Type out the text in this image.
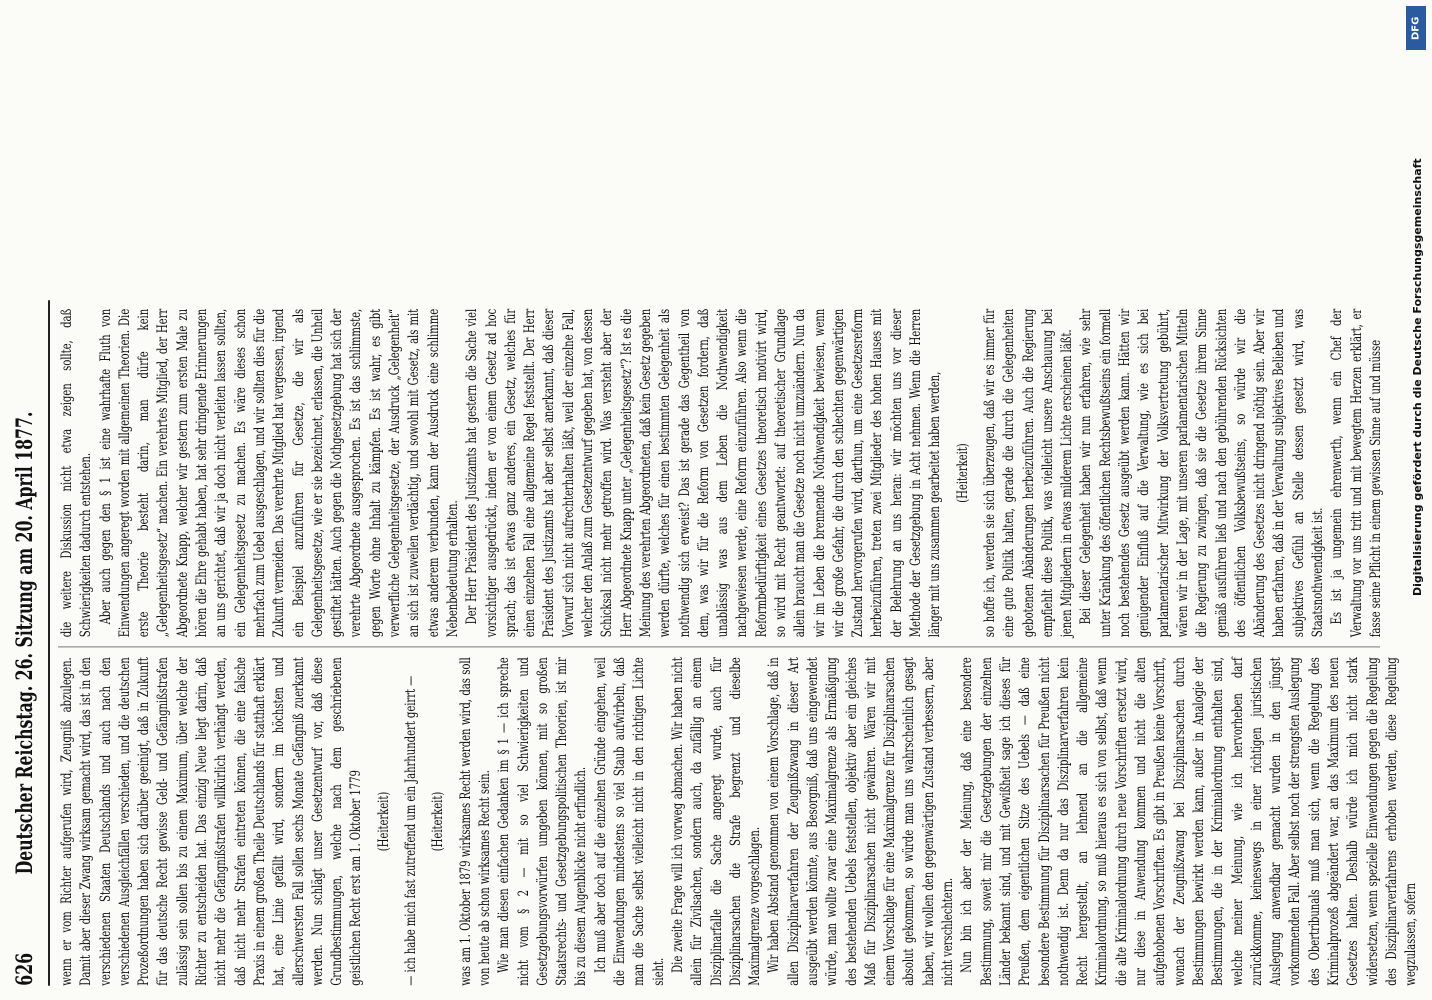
626
Deutscher Reichstag. 26. Sitzung am 20. April 1877. wenn er vom Richter aufgerufen wird, Zeugniß abzulegen. Damit aber dieser Zwang wirksam gemacht wird, das ist in den verschiedenen Staaten Deutschlands und auch nach den verschiedenen Ausgleichfällen verschieden, und die deutschen Prozeßordnungen haben sich darüber geeinigt, daß in Zukunft für das deutsche Recht gewisse Geld- und Gefängnißstrafen zulässig sein sollen bis zu einem Maximum, über welche der Richter zu entscheiden hat. Das einzig Neue liegt darin, daß nicht mehr die Gefängnißstrafen willkürlich verhängt werden, daß nicht mehr Strafen eintreten können, die eine falsche Praxis in einem großen Theile Deutschlands für statthaft erklärt hat, eine Linie gefällt wird, sondern im höchsten und allerschwersten Fall sollen sechs Monate Gefängniß zuerkannt werden. Nun schlägt unser Gesetzentwurf vor, daß diese Grundbestimmungen, welche nach dem geschriebenen geistlichen Recht erst am 1. Oktober 1779 (Heiterkeit) — ich habe mich fast zutreffend um ein Jahrhundert geirrt — (Heiterkeit) was am 1. Oktober 1879 wirksames Recht werden wird, das soll von heute ab schon wirksames Recht sein. Wie man diesen einfachen Gedanken im § 1 — ich spreche nicht vom § 2 — mit so viel Schwierigkeiten und Gesetzgebungsvorwürfen umgeben können, mit so großen Staatsrechts- und Gesetzgebungspolitischen Theorien, ist mir bis zu diesem Augenblicke nicht erfindlich. Ich muß aber doch auf die einzelnen Gründe eingehen, weil die Einwendungen mindestens so viel Staub aufwirbeln, daß man die Sache selbst vielleicht nicht in den richtigen Lichte sieht. Die zweite Frage will ich vorweg abmachen. Wir haben nicht allein für Zivilsachen, sondern auch, da zufällig an einem Disziplinarfalle die Sache angeregt wurde, auch für Disziplinarsachen die Strafe begrenzt und dieselbe Maximalgrenze vorgeschlagen. Wir haben Abstand genommen von einem Vorschlage, daß in allen Disziplinarverfahren der Zeugnißzwang in dieser Art ausgeübt werden könnte, aus Besorgniß, daß uns eingewendet würde, man wollte zwar eine Maximalgrenze als Ermäßigung des bestehenden Uebels feststellen, objektiv aber ein gleiches Maß für Disziplinarsachen nicht gewähren. Wären wir mit einem Vorschlage für eine Maximalgrenze für Disziplinarsachen absolut gekommen, so würde man uns wahrscheinlich gesagt haben, wir wollen den gegenwärtigen Zustand verbessern, aber nicht verschlechtern. Nun bin ich aber der Meinung, daß eine besondere Bestimmung, soweit mir die Gesetzgebungen der einzelnen Länder bekannt sind, und mit Gewißheit sage ich dieses für Preußen, dem eigentlichen Sitze des Uebels — daß eine besondere Bestimmung für Disziplinarsachen für Preußen nicht nothwendig ist. Denn da nur das Disziplinarverfahren kein Recht hergestellt, an lehnend an die allgemeine Kriminalordnung, so muß hieraus es sich von selbst, daß wenn die alte Kriminalordnung durch neue Vorschriften ersetzt wird, nur diese in Anwendung kommen und nicht die alten aufgehobenen Vorschriften. Es gibt in Preußen keine Vorschrift, wonach der Zeugnißzwang bei Disziplinarsachen durch Bestimmungen bewirkt werden kann, außer in Analogie der Bestimmungen, die in der Kriminalordnung enthalten sind, welche meiner Meinung, wie ich hervorheben darf zurückkomme, keineswegs in einer richtigen juristischen Auslegung anwendbar gemacht wurden in den jüngst vorkommenden Fall. Aber selbst noch der strengsten Auslegung des Obertribunals muß man sich, wenn die Regelung des Kriminalprozeß abgeändert war, an das Maximum des neuen Gesetzes halten. Deshalb würde ich mich nicht stark widersetzen, wenn spezielle Einwendungen gegen die Regelung des Disziplinarverfahrens erhoben werden, diese Regelung wegzulassen, sofern

die weitere Diskussion nicht etwa zeigen sollte, daß Schwierigkeiten dadurch entstehen. Aber auch gegen den § 1 ist eine wahrhafte Fluth von Einwendungen angeregt worden mit allgemeinen Theorien. Die erste Theorie besteht darin, man dürfe kein „Gelegenheitsgesetz“ machen. Ein verehrtes Mitglied, der Herr Abgeordnete Knapp, welcher wir gestern zum ersten Male zu hören die Ehre gehabt haben, hat sehr dringende Erinnerungen an uns gerichtet, daß wir ja doch nicht verleiten lassen sollten, ein Gelegenheitsgesetz zu machen. Es wäre dieses schon mehrfach zum Uebel ausgeschlagen, und wir sollten dies für die Zukunft vermeiden. Das verehrte Mitglied hat vergessen, irgend ein Beispiel anzuführen für Gesetze, die wir als Gelegenheitsgesetze, wie er sie bezeichnet, erlassen, die Unheil gestiftet hätten. Auch gegen die Nothgesetzgebung hat sich der verehrte Abgeordnete ausgesprochen. Es ist das schlimmste, gegen Worte ohne Inhalt zu kämpfen. Es ist wahr, es gibt verwerfliche Gelegenheitsgesetze, der Ausdruck „Gelegenheit“ an sich ist zuweilen verdächtig, und sowohl mit Gesetz, als mit etwas anderem verbunden, kann der Ausdruck eine schlimme Nebenbedeutung erhalten. Der Herr Präsident des Justizamts hat gestern die Sache viel vorsichtiger ausgedrückt, indem er von einem Gesetz ad hoc sprach; das ist etwas ganz anderes, ein Gesetz, welches für einen einzelnen Fall eine allgemeine Regel feststellt. Der Herr Präsident des Justizamts hat aber selbst anerkannt, daß dieser Vorwurf sich nicht aufrechterhalten läßt, weil der einzelne Fall, welcher den Anlaß zum Gesetzentwurf gegeben hat, von dessen Schicksal nicht mehr getroffen wird. Was versteht aber der Herr Abgeordnete Knapp unter „Gelegenheitsgesetz“? Ist es die Meinung des verehrten Abgeordneten, daß kein Gesetz gegeben werden dürfte, welches für einen bestimmten Gelegenheit als nothwendig sich erweist? Das ist gerade das Gegentheil von dem, was wir für die Reform von Gesetzen fordern, daß unablässig was aus dem Leben die Nothwendigkeit nachgewiesen werde, eine Reform einzuführen. Also wenn die Reformbedürftigkeit eines Gesetzes theoretisch motivirt wird, so wird mit Recht geantwortet: auf theoretischer Grundlage allein braucht man die Gesetze noch nicht umzuändern. Nun da wir im Leben die brennende Nothwendigkeit bewiesen, wenn wir die große Gefahr, die durch den schlechten gegenwärtigen Zustand hervorgerufen wird, darthun, um eine Gesetzesreform herbeizuführen, treten zwei Mitglieder des hohen Hauses mit der Belehrung an uns heran: wir möchten uns vor dieser Methode der Gesetzgebung in Acht nehmen. Wenn die Herren länger mit uns zusammen gearbeitet haben werden, (Heiterkeit) so hoffe ich, werden sie sich überzeugen, daß wir es immer für eine gute Politik halten, gerade die durch die Gelegenheiten gebotenen Abänderungen herbeizuführen. Auch die Regierung empfiehlt diese Politik, was vielleicht unsere Anschauung bei jenen Mitgliedern in etwas milderem Lichte erscheinen läßt. Bei dieser Gelegenheit haben wir nun erfahren, wie sehr unter Kränkung des öffentlichen Rechtsbewußtseins ein formell noch bestehendes Gesetz ausgeübt werden kann. Hätten wir genügender Einfluß auf die Verwaltung, wie es sich bei parlamentarischer Mitwirkung der Volksvertretung gebührt, wären wir in der Lage, mit unseren parlamentarischen Mitteln die Regierung zu zwingen, daß sie die Gesetze ihrem Sinne gemäß ausführen ließ und nach den gebührenden Rücksichten des öffentlichen Volksbewußtseins, so würde wir die Abänderung des Gesetzes nicht dringend nöthig sein. Aber wir haben erfahren, daß in der Verwaltung subjektives Belieben und subjektives Gefühl an Stelle dessen gesetzt wird, was Staatsnothwendigkeit ist. Es ist ja ungemein ehrenwerth, wenn ein Chef der Verwaltung vor uns tritt und mit bewegtem Herzen erklärt, er fasse seine Pflicht in einem gewissen Sinne auf und müsse

DFG
Digitalisierung gefördert durch die Deutsche Forschungsgemeinschaft
